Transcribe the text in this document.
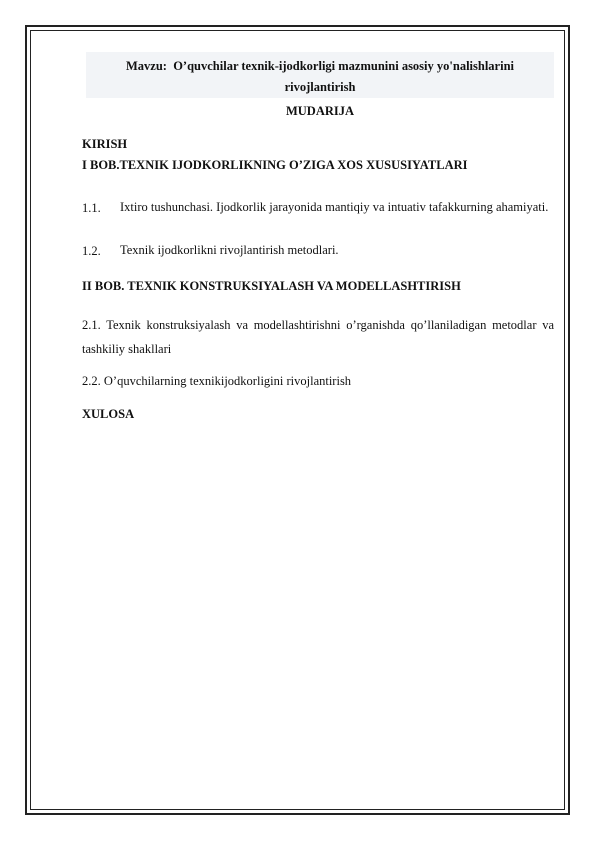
Mavzu: O’quvchilar texnik-ijodkorligi mazmunini asosiy yo'nalishlarini
rivojlantirish
MUDARIJA
KIRISH
I BOB.TEXNIK IJODKORLIKNING O’ZIGA XOS XUSUSIYATLARI
1.1. Ixtiro tushunchasi. Ijodkorlik jarayonida mantiqiy va intuativ tafakkurning ahamiyati.
1.2. Texnik ijodkorlikni rivojlantirish metodlari.
II BOB. TEXNIK KONSTRUKSIYALASH VA MODELLASHTIRISH
2.1. Texnik konstruksiyalash va modellashtirishni o’rganishda qo’llaniladigan metodlar va tashkiliy shakllari
2.2. O’quvchilarning texnikijodkorligini rivojlantirish
XULOSA
